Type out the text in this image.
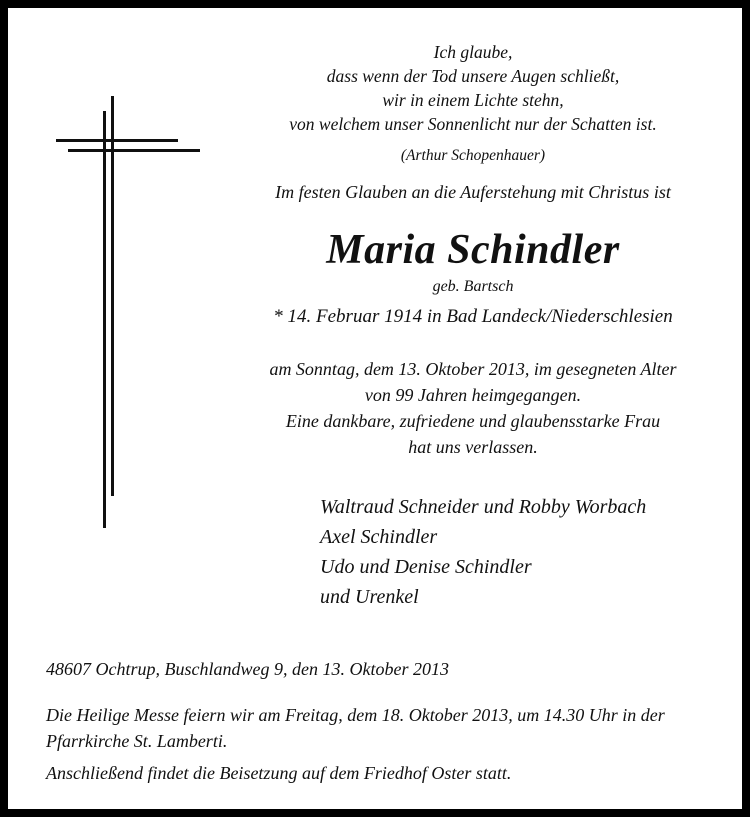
Ich glaube,
dass wenn der Tod unsere Augen schließt,
wir in einem Lichte stehn,
von welchem unser Sonnenlicht nur der Schatten ist.
(Arthur Schopenhauer)
Im festen Glauben an die Auferstehung mit Christus ist
Maria Schindler
geb. Bartsch
* 14. Februar 1914 in Bad Landeck/Niederschlesien
am Sonntag, dem 13. Oktober 2013, im gesegneten Alter
von 99 Jahren heimgegangen.
Eine dankbare, zufriedene und glaubensstarke Frau
hat uns verlassen.
Waltraud Schneider und Robby Worbach
Axel Schindler
Udo und Denise Schindler
und Urenkel
48607 Ochtrup, Buschlandweg 9, den 13. Oktober 2013
Die Heilige Messe feiern wir am Freitag, dem 18. Oktober 2013, um 14.30 Uhr in der
Pfarrkirche St. Lamberti.
Anschließend findet die Beisetzung auf dem Friedhof Oster statt.
